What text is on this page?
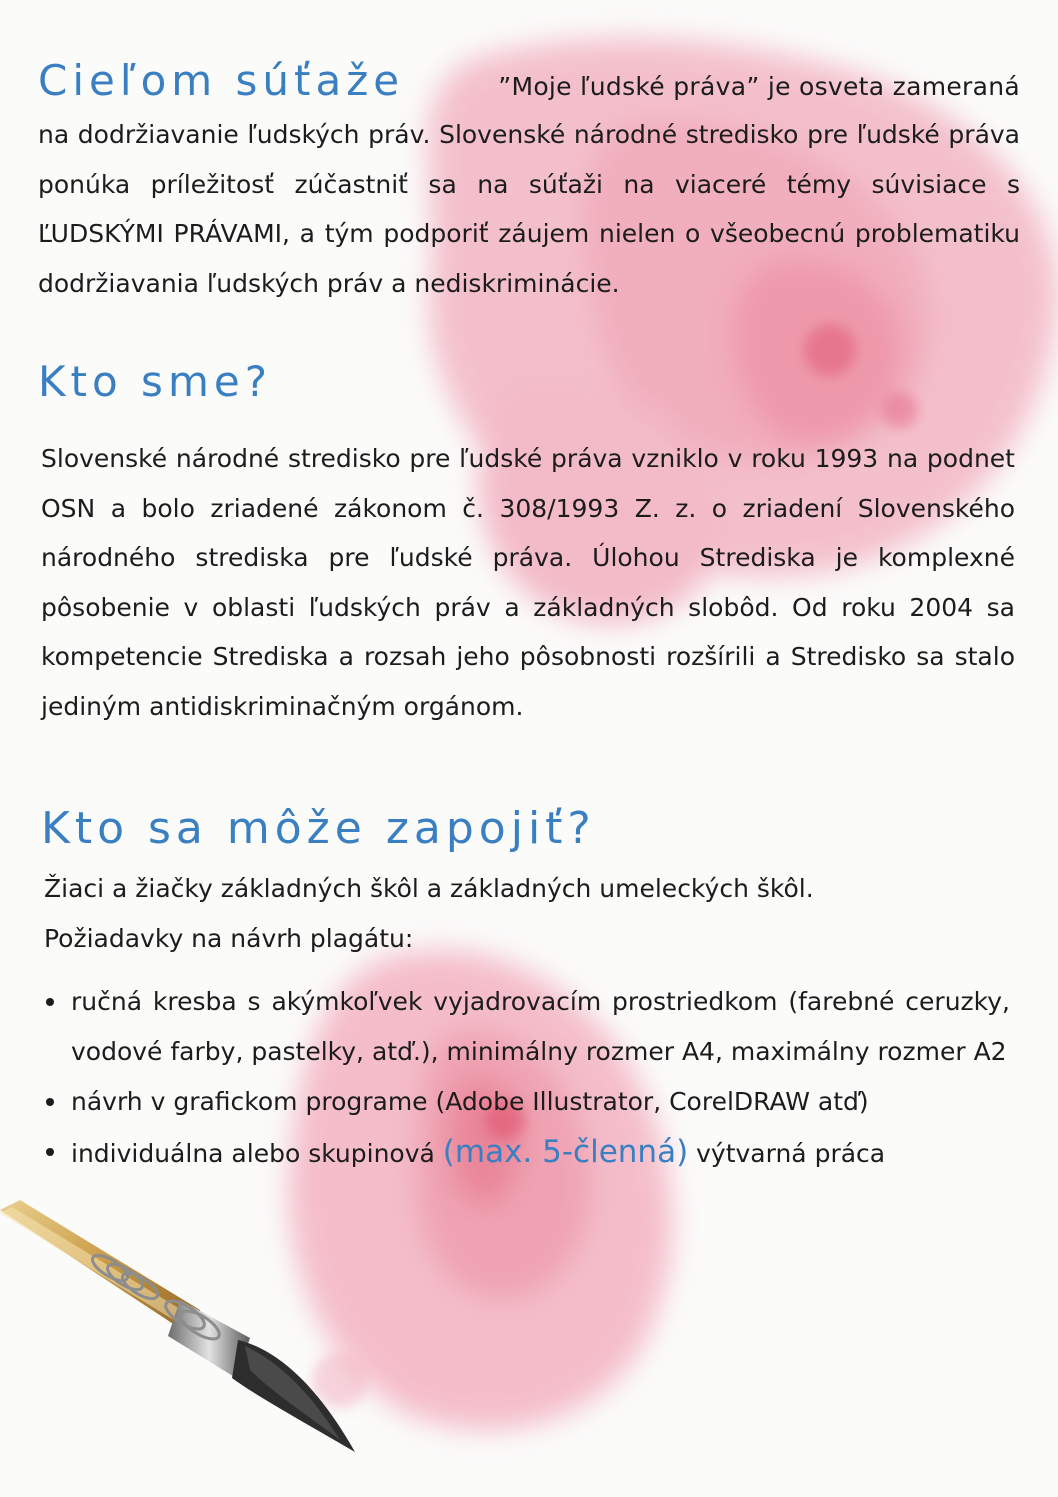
Cieľom súťaže	”Moje ľudské práva” je osveta zameraná

na dodržiavanie ľudských práv. Slovenské národné stredisko pre ľudské práva ponúka príležitosť zúčastniť sa na súťaži na viaceré témy súvisiace s ĽUDSKÝMI PRÁVAMI, a tým podporiť záujem nielen o všeobecnú problematiku dodržiavania ľudských práv a nediskriminácie.

Kto sme?

Slovenské národné stredisko pre ľudské práva vzniklo v roku 1993 na podnet OSN a bolo zriadené zákonom č. 308/1993 Z. z. o zriadení Slovenského národného strediska pre ľudské práva. Úlohou Strediska je komplexné pôsobenie v oblasti ľudských práv a základných slobôd. Od roku 2004 sa kompetencie Strediska a rozsah jeho pôsobnosti rozšírili a Stredisko sa stalo jediným antidiskriminačným orgánom.

Kto sa môže zapojiť?
Žiaci a žiačky základných škôl a základných umeleckých škôl.
Požiadavky na návrh plagátu:
ručná kresba s akýmkoľvek vyjadrovacím prostriedkom (farebné ceruzky, vodové farby, pastelky, atď.), minimálny rozmer A4, maximálny rozmer A2
návrh v grafickom programe (Adobe Illustrator, CorelDRAW atď)
individuálna alebo skupinová (max. 5-členná) výtvarná práca
